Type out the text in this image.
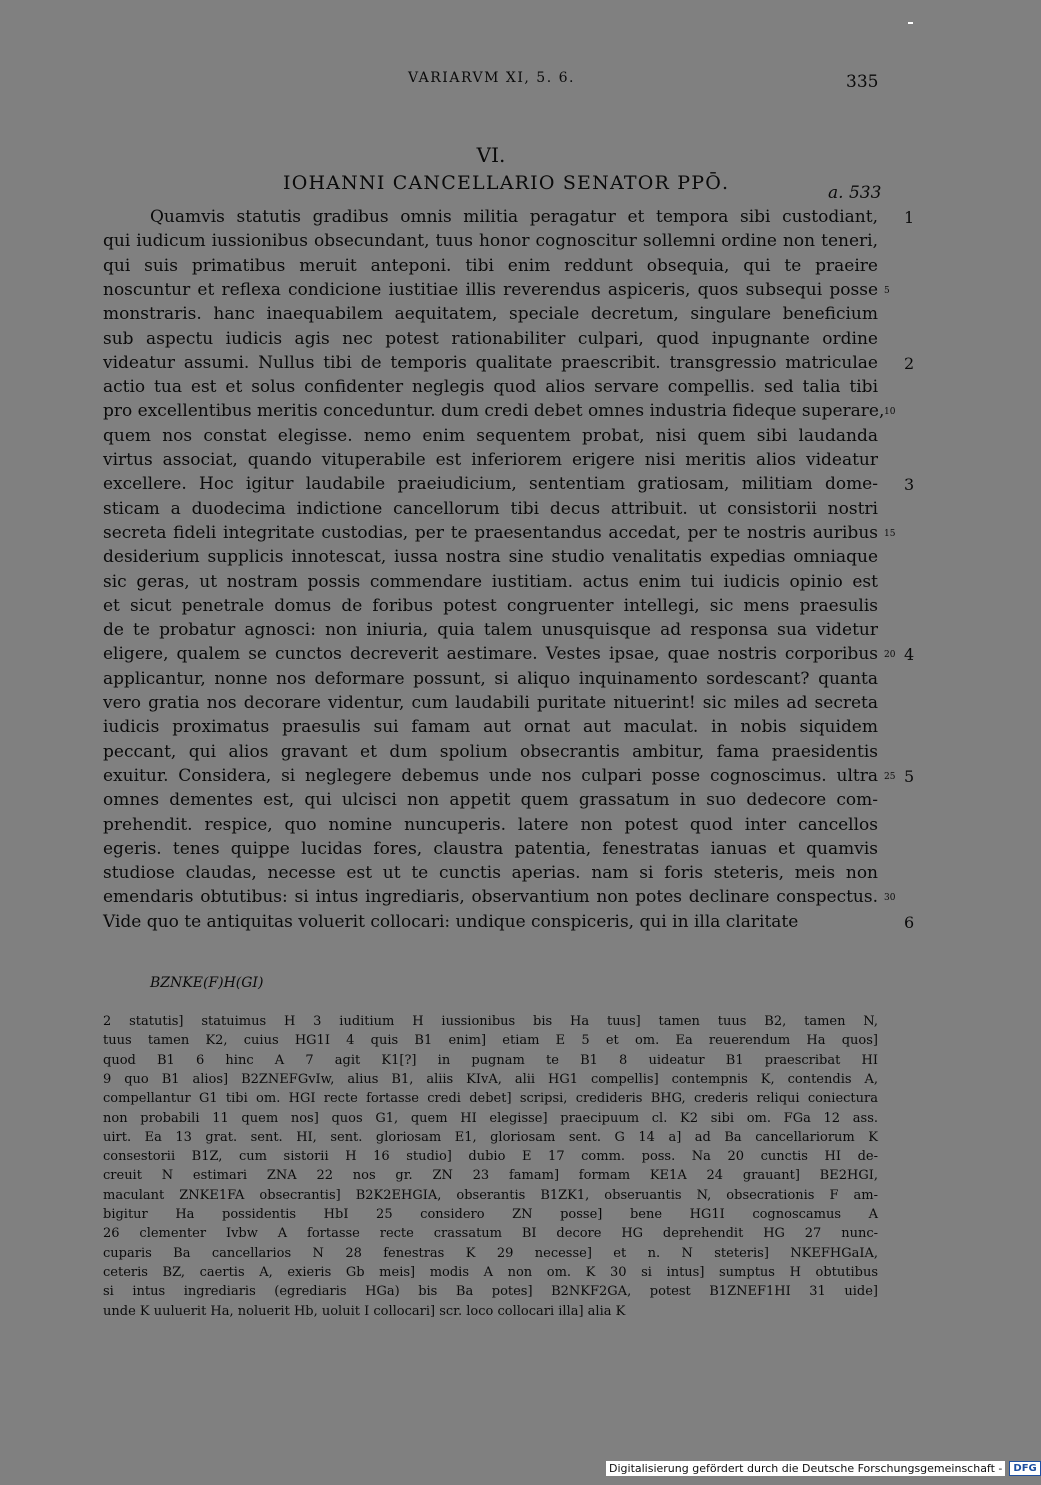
VARIARVM XI, 5. 6.	335
VI.
IOHANNI CANCELLARIO SENATOR PPŌ.	a. 533
Quamvis statutis gradibus omnis militia peragatur et tempora sibi custodiant, 1
qui iudicum iussionibus obsecundant, tuus honor cognoscitur sollemni ordine non teneri,
qui suis primatibus meruit anteponi. tibi enim reddunt obsequia, qui te praeire
noscuntur et reflexa condicione iustitiae illis reverendus aspiceris, quos subsequi posse 5
monstraris. hanc inaequabilem aequitatem, speciale decretum, singulare beneficium
sub aspectu iudicis agis nec potest rationabiliter culpari, quod inpugnante ordine
videatur assumi. Nullus tibi de temporis qualitate praescribit. transgressio matriculae 2
actio tua est et solus confidenter neglegis quod alios servare compellis. sed talia tibi
pro excellentibus meritis conceduntur. dum credi debet omnes industria fideque superare, 10
quem nos constat elegisse. nemo enim sequentem probat, nisi quem sibi laudanda
virtus associat, quando vituperabile est inferiorem erigere nisi meritis alios videatur
excellere. Hoc igitur laudabile praeiudicium, sententiam gratiosam, militiam dome- 3
sticam a duodecima indictione cancellorum tibi decus attribuit. ut consistorii nostri
secreta fideli integritate custodias, per te praesentandus accedat, per te nostris auribus 15
desiderium supplicis innotescat, iussa nostra sine studio venalitatis expedias omniaque
sic geras, ut nostram possis commendare iustitiam. actus enim tui iudicis opinio est
et sicut penetrale domus de foribus potest congruenter intellegi, sic mens praesulis
de te probatur agnosci: non iniuria, quia talem unusquisque ad responsa sua videtur
eligere, qualem se cunctos decreverit aestimare. Vestes ipsae, quae nostris corporibus 20 4
applicantur, nonne nos deformare possunt, si aliquo inquinamento sordescant? quanta
vero gratia nos decorare videntur, cum laudabili puritate nituerint! sic miles ad secreta
iudicis proximatus praesulis sui famam aut ornat aut maculat. in nobis siquidem
peccant, qui alios gravant et dum spolium obsecrantis ambitur, fama praesidentis
exuitur. Considera, si neglegere debemus unde nos culpari posse cognoscimus. ultra 25 5
omnes dementes est, qui ulcisci non appetit quem grassatum in suo dedecore com-
prehendit. respice, quo nomine nuncuperis. latere non potest quod inter cancellos
egeris. tenes quippe lucidas fores, claustra patentia, fenestratas ianuas et quamvis
studiose claudas, necesse est ut te cunctis aperias. nam si foris steteris, meis non
emendaris obtutibus: si intus ingrediaris, observantium non potes declinare conspectus. 30
Vide quo te antiquitas voluerit collocari: undique conspiceris, qui in illa claritate	6
BZNKE(F)H(GI)
2 statutis] statuimus H 3 iuditium H iussionibus bis Ha tuus] tamen tuus B2, tamen N,
tuus tamen K2, cuius HG1I 4 quis B1 enim] etiam E 5 et om. Ea reuerendum Ha quos]
quod B1 6 hinc A 7 agit K1[?] in pugnam te B1 8 uideatur B1 praescribat HI
9 quo B1 alios] B2ZNEFGvIw, alius B1, aliis KIvA, alii HG1 compellis] contempnis K, contendis A,
compellantur G1 tibi om. HGI recte fortasse credi debet] scripsi, credideris BHG, crederis reliqui coniectura
non probabili 11 quem nos] quos G1, quem HI elegisse] praecipuum cl. K2 sibi om. FGa 12 ass.
uirt. Ea 13 grat. sent. HI, sent. gloriosam E1, gloriosam sent. G 14 a] ad Ba cancellariorum K
consestorii B1Z, cum sistorii H 16 studio] dubio E 17 comm. poss. Na 20 cunctis HI de-
creuit N estimari ZNA 22 nos gr. ZN 23 famam] formam KE1A 24 grauant] BE2HGI,
maculant ZNKE1FA obsecrantis] B2K2EHGIA, obserantis B1ZK1, obseruantis N, obsecrationis F am-
bigitur Ha possidentis HbI 25 considero ZN posse] bene HG1I cognoscamus A
26 clementer Ivbw A fortasse recte crassatum BI decore HG deprehendit HG 27 nunc-
cuparis Ba cancellarios N 28 fenestras K 29 necesse] et n. N steteris] NKEFHGaIA,
ceteris BZ, caertis A, exieris Gb meis] modis A non om. K 30 si intus] sumptus H obtutibus
si intus ingrediaris (egrediaris HGa) bis Ba potes] B2NKF2GA, potest B1ZNEF1HI 31 uide]
unde K uuluerit Ha, noluerit Hb, uoluit I collocari] scr. loco collocari illa] alia K
Digitalisierung gefördert durch die Deutsche Forschungsgemeinschaft -	DFG
